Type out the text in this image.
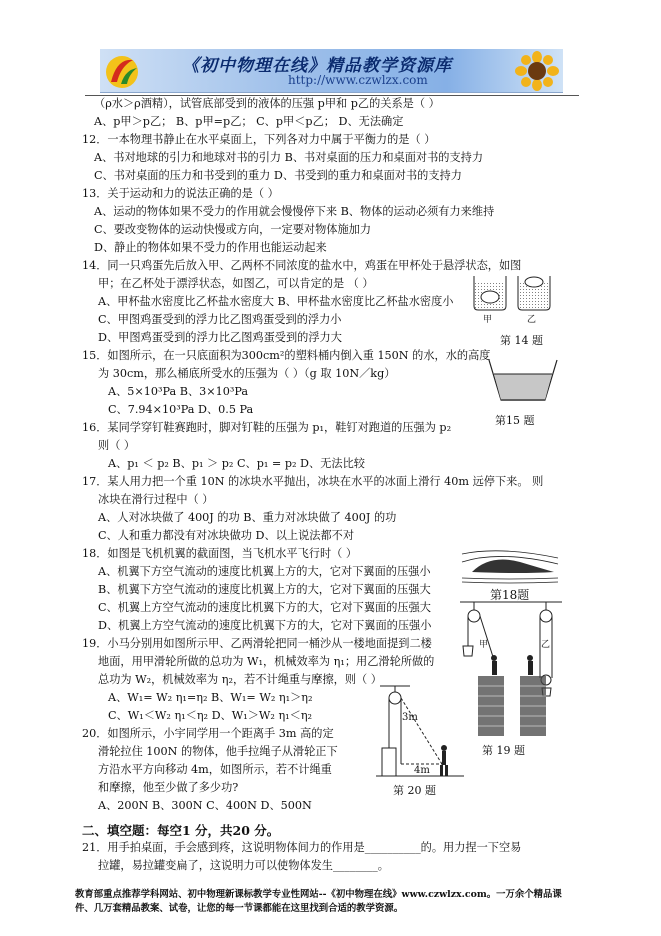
《初中物理在线》精品教学资源库
http://www.czwlzx.com
（ρ水＞ρ酒精），试管底部受到的液体的压强 p甲和 p乙的关系是（ ）
A、p甲＞p乙； B、p甲=p乙； C、p甲＜p乙； D、无法确定
12．一本物理书静止在水平桌面上，下列各对力中属于平衡力的是（ ）
A、书对地球的引力和地球对书的引力 B、书对桌面的压力和桌面对书的支持力
C、书对桌面的压力和书受到的重力 D、书受到的重力和桌面对书的支持力
13．关于运动和力的说法正确的是（ ）
A、运动的物体如果不受力的作用就会慢慢停下来 B、物体的运动必须有力来维持
C、要改变物体的运动快慢或方向，一定要对物体施加力
D、静止的物体如果不受力的作用也能运动起来
14．同一只鸡蛋先后放入甲、乙两杯不同浓度的盐水中，鸡蛋在甲杯处于悬浮状态，如图
甲；在乙杯处于漂浮状态，如图乙，可以肯定的是 （ ）
A、甲杯盐水密度比乙杯盐水密度大 B、甲杯盐水密度比乙杯盐水密度小
C、甲图鸡蛋受到的浮力比乙图鸡蛋受到的浮力小
D、甲图鸡蛋受到的浮力比乙图鸡蛋受到的浮力大
15．如图所示，在一只底面积为300cm²的塑料桶内倒入重 150N 的水，水的高度
为 30cm，那么桶底所受水的压强为（ ）（g 取 10N／kg）
A、5×10³Pa B、3×10³Pa
C、7.94×10³Pa D、0.5 Pa
16．某同学穿钉鞋赛跑时，脚对钉鞋的压强为 p₁，鞋钉对跑道的压强为 p₂
则（ ）
A、p₁ ＜ p₂ B、p₁ ＞ p₂ C、p₁ = p₂ D、无法比较
17．某人用力把一个重 10N 的冰块水平抛出，冰块在水平的冰面上滑行 40m 远停下来。 则
冰块在滑行过程中（ ）
A、人对冰块做了 400J 的功 B、重力对冰块做了 400J 的功
C、人和重力都没有对冰块做功 D、以上说法都不对
18．如图是飞机机翼的截面图，当飞机水平飞行时（ ）
A、机翼下方空气流动的速度比机翼上方的大，它对下翼面的压强小
B、机翼下方空气流动的速度比机翼上方的大，它对下翼面的压强大
C、机翼上方空气流动的速度比机翼下方的大，它对下翼面的压强大
D、机翼上方空气流动的速度比机翼下方的大，它对下翼面的压强小
19．小马分别用如图所示甲、乙两滑轮把同一桶沙从一楼地面提到二楼
地面，用甲滑轮所做的总功为 W₁，机械效率为 η₁；用乙滑轮所做的
总功为 W₂，机械效率为 η₂，若不计绳重与摩擦，则（ ）
A、W₁= W₂ η₁=η₂ B、W₁= W₂ η₁＞η₂
C、W₁＜W₂ η₁＜η₂ D、W₁＞W₂ η₁＜η₂
20．如图所示，小宇同学用一个距离手 3m 高的定
滑轮拉住 100N 的物体，他手拉绳子从滑轮正下
方沿水平方向移动 4m，如图所示，若不计绳重
和摩擦，他至少做了多少功?
A、200N B、300N C、400N D、500N
21．用手拍桌面，手会感到疼，这说明物体间力的作用是__________的。用力捏一下空易
拉罐，易拉罐变扁了，这说明力可以使物体发生________。
二、填空题：每空1 分，共20 分。
甲	乙
第 14 题
第15 题
第18题
甲	乙
第 19 题
3m
4m
第 20 题
教育部重点推荐学科网站、初中物理新课标教学专业性网站--《初中物理在线》www.czwlzx.com。一万余个精品课
件、几万套精品教案、试卷，让您的每一节课都能在这里找到合适的教学资源。
